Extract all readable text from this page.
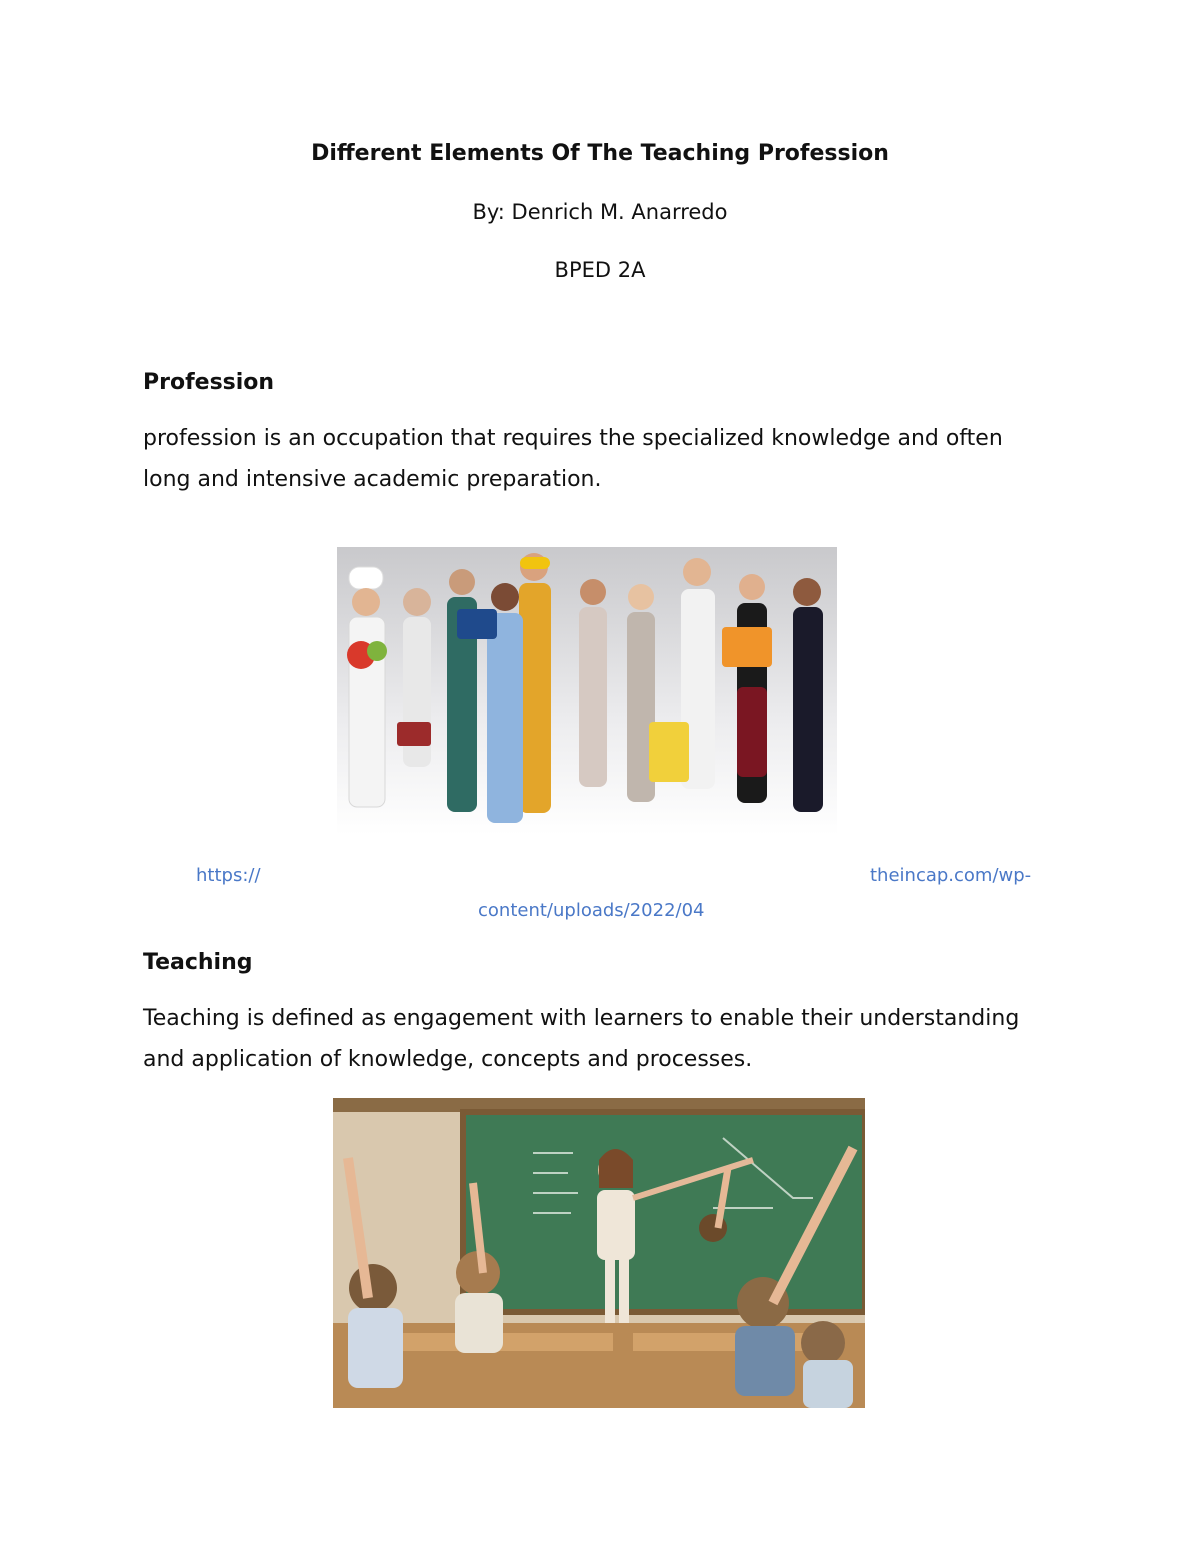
Different Elements Of The Teaching Profession

By: Denrich M. Anarredo

BPED 2A

Profession

profession is an occupation that requires the specialized knowledge and often long and intensive academic preparation.

https://	theincap.com/wp-
content/uploads/2022/04
Teaching

Teaching is defined as engagement with learners to enable their understanding and application of knowledge, concepts and processes.
